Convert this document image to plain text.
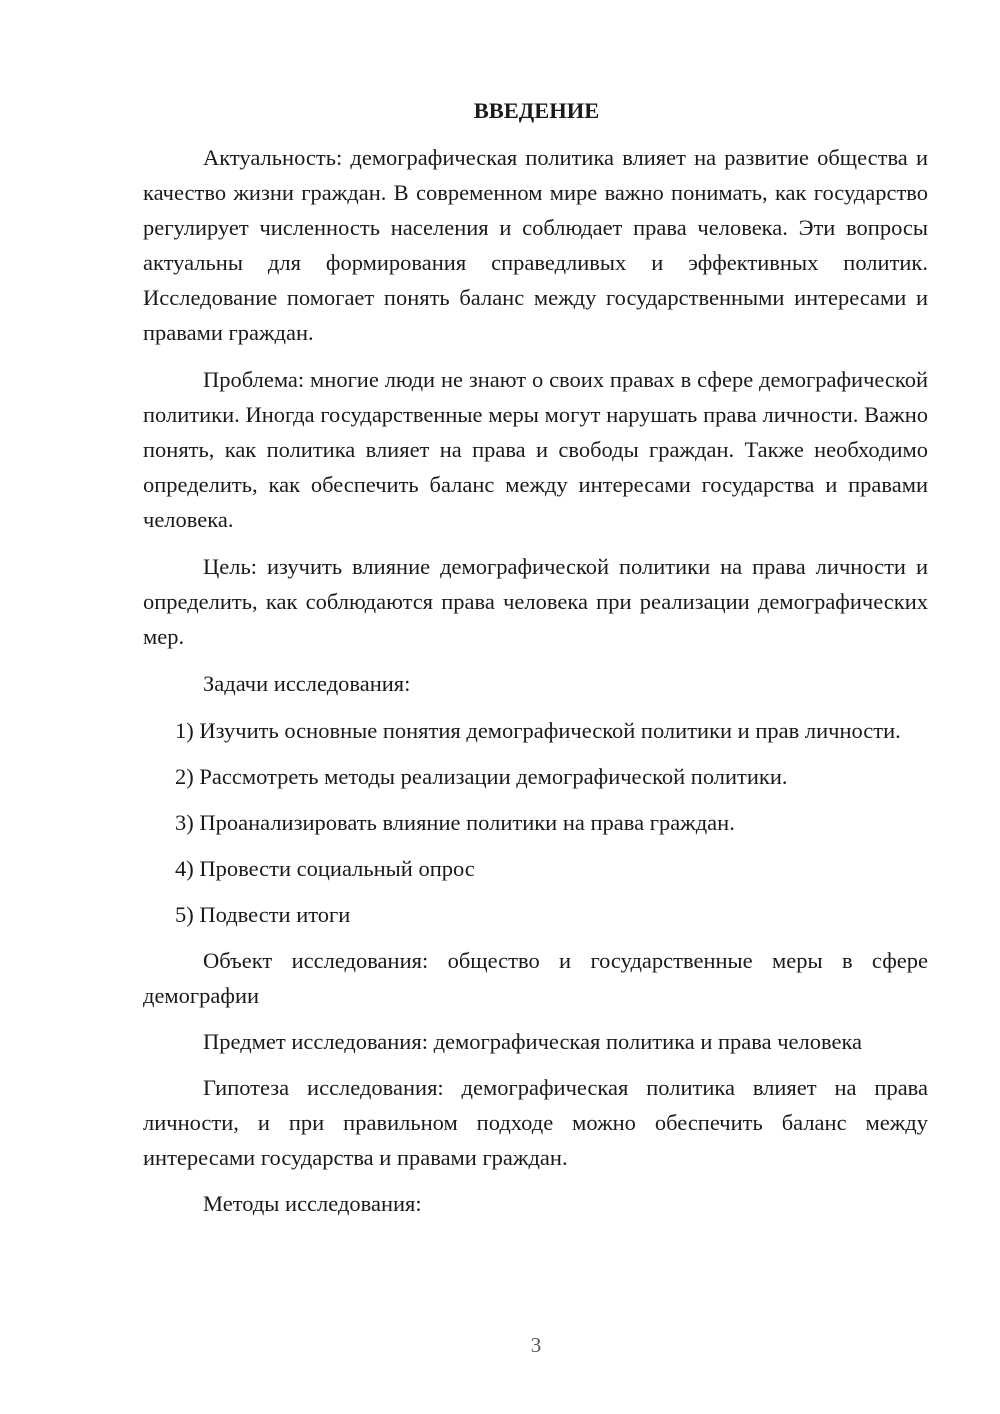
ВВЕДЕНИЕ

Актуальность: демографическая политика влияет на развитие общества и качество жизни граждан. В современном мире важно понимать, как государство регулирует численность населения и соблюдает права человека. Эти вопросы актуальны для формирования справедливых и эффективных политик. Исследование помогает понять баланс между государственными интересами и правами граждан.

Проблема: многие люди не знают о своих правах в сфере демографической политики. Иногда государственные меры могут нарушать права личности. Важно понять, как политика влияет на права и свободы граждан. Также необходимо определить, как обеспечить баланс между интересами государства и правами человека.

Цель: изучить влияние демографической политики на права личности и определить, как соблюдаются права человека при реализации демографических мер.

Задачи исследования:

1) Изучить основные понятия демографической политики и прав личности.

2) Рассмотреть методы реализации демографической политики.

3) Проанализировать влияние политики на права граждан.

4) Провести социальный опрос

5) Подвести итоги

Объект исследования: общество и государственные меры в сфере демографии

Предмет исследования: демографическая политика и права человека

Гипотеза исследования: демографическая политика влияет на права личности, и при правильном подходе можно обеспечить баланс между интересами государства и правами граждан.

Методы исследования:

3
